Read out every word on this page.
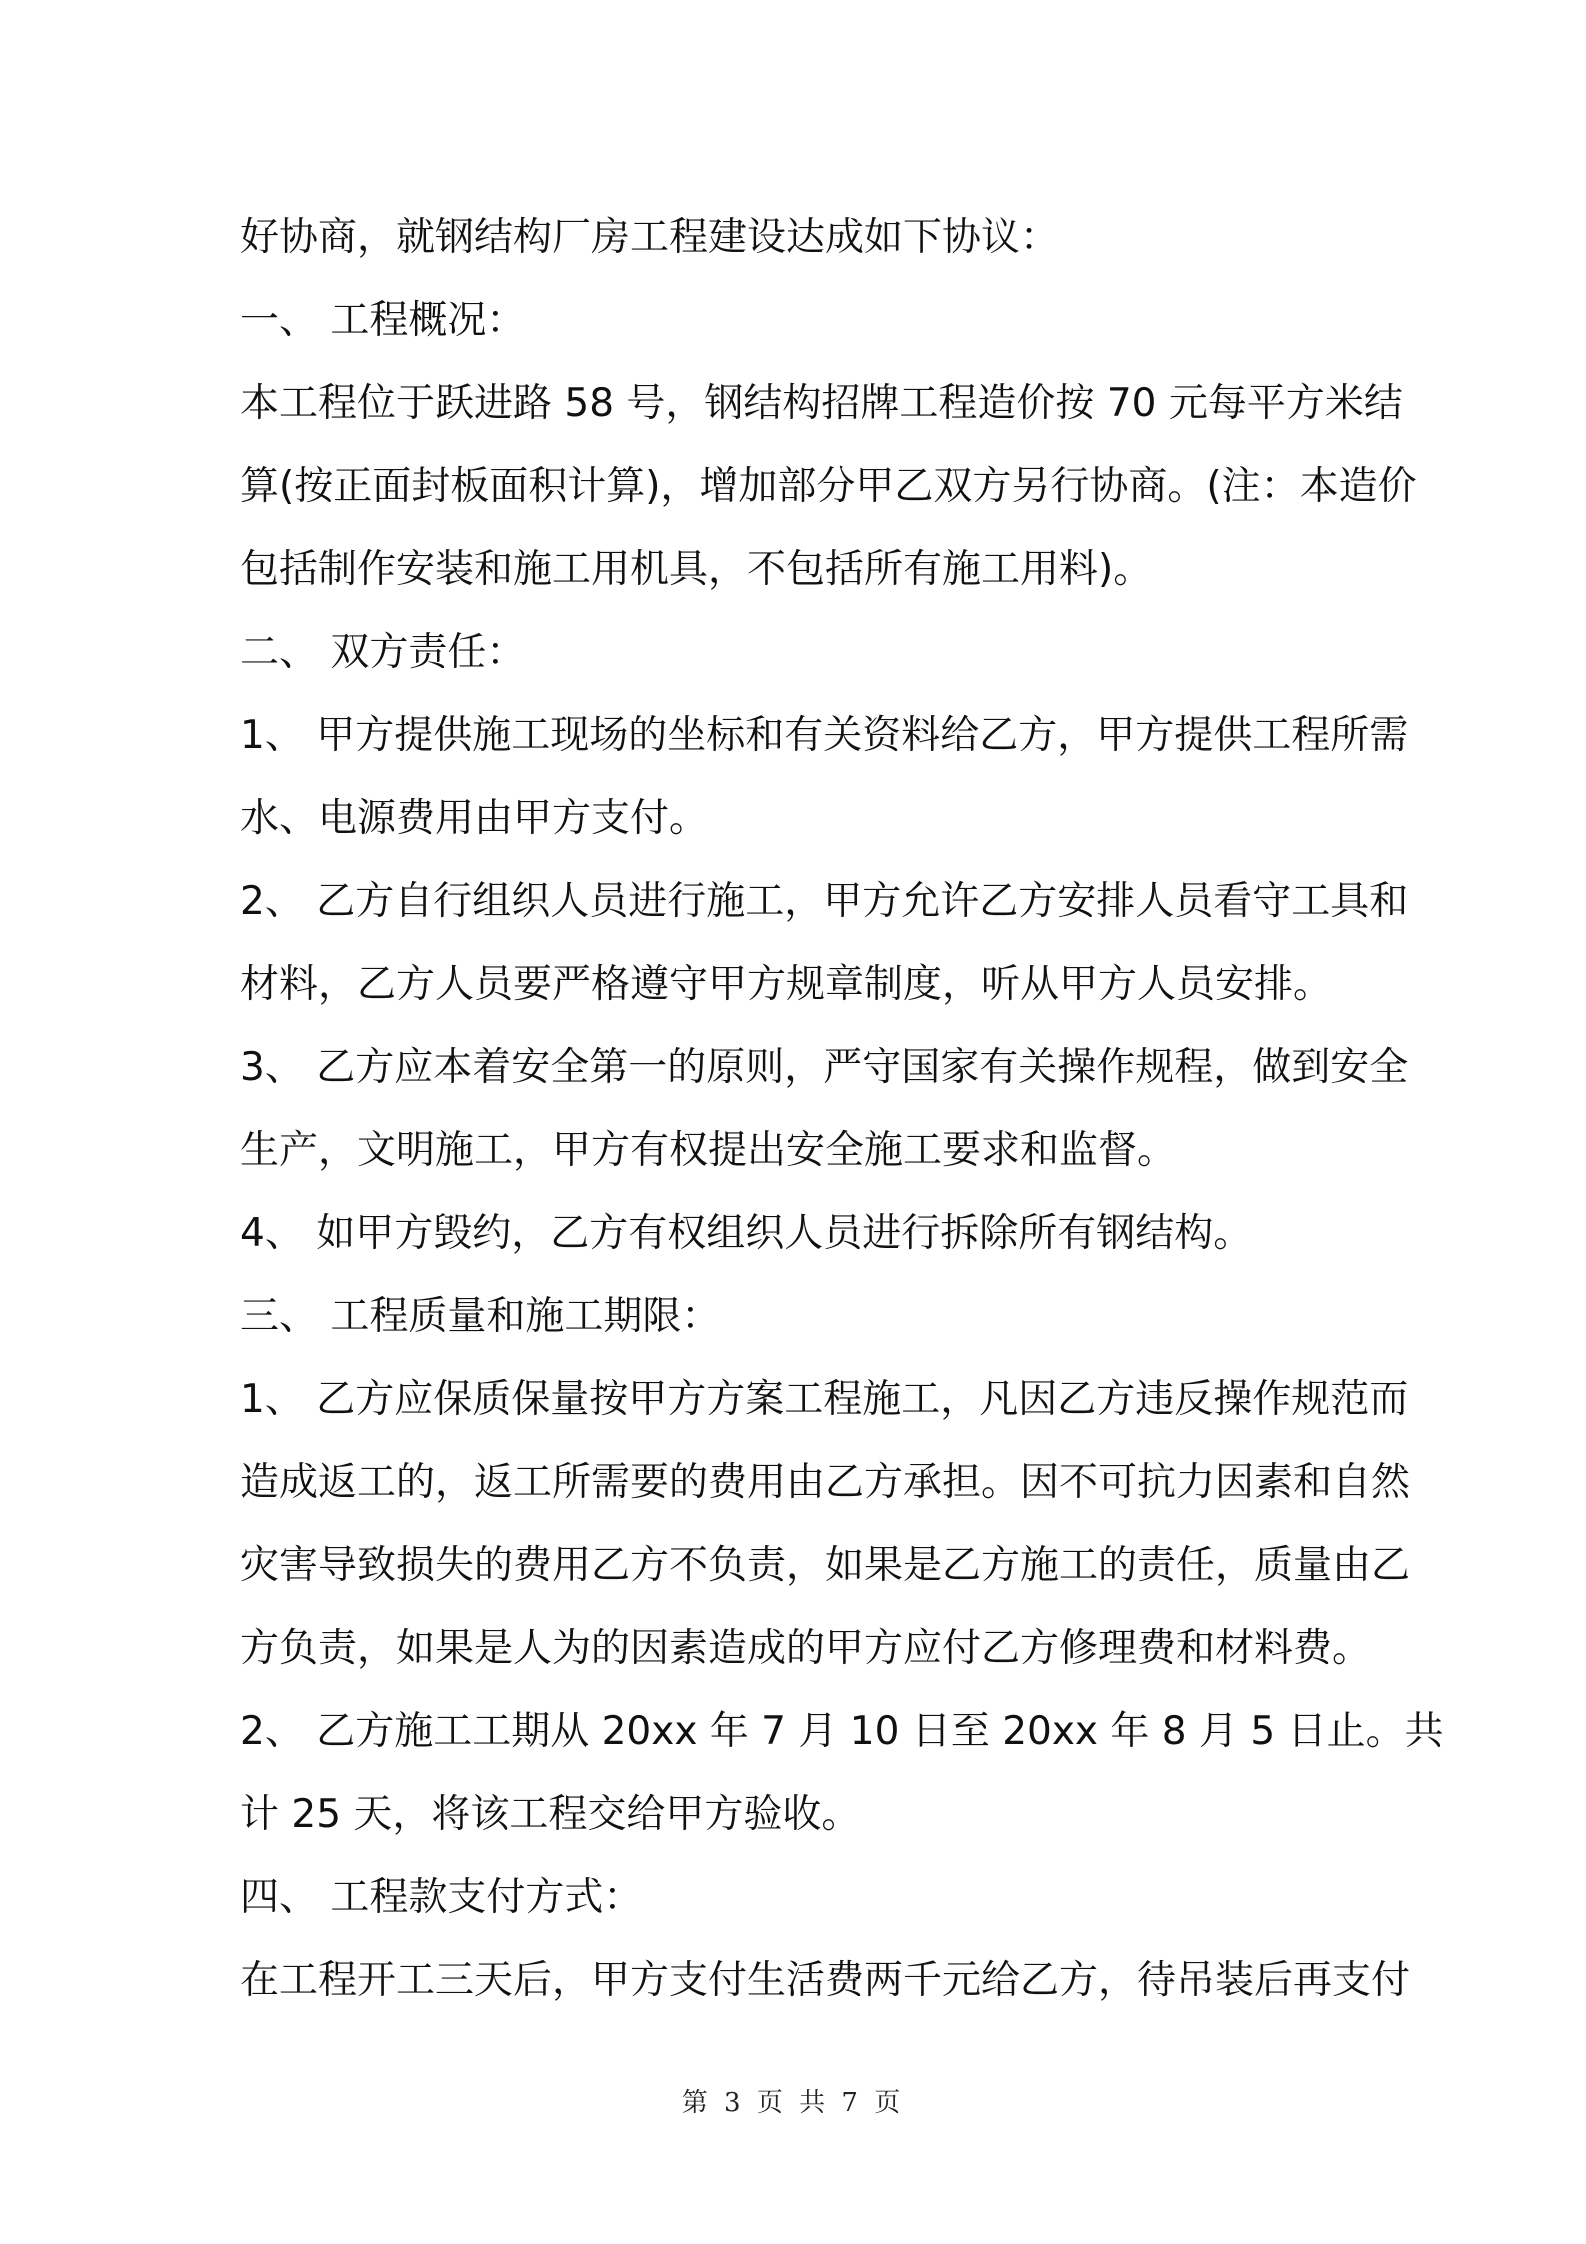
好协商，就钢结构厂房工程建设达成如下协议：
一、 工程概况：
本工程位于跃进路 58 号，钢结构招牌工程造价按 70 元每平方米结
算(按正面封板面积计算)，增加部分甲乙双方另行协商。(注：本造价
包括制作安装和施工用机具，不包括所有施工用料)。
二、 双方责任：
1、 甲方提供施工现场的坐标和有关资料给乙方，甲方提供工程所需
水、电源费用由甲方支付。
2、 乙方自行组织人员进行施工，甲方允许乙方安排人员看守工具和
材料，乙方人员要严格遵守甲方规章制度，听从甲方人员安排。
3、 乙方应本着安全第一的原则，严守国家有关操作规程，做到安全
生产，文明施工，甲方有权提出安全施工要求和监督。
4、 如甲方毁约，乙方有权组织人员进行拆除所有钢结构。
三、 工程质量和施工期限：
1、 乙方应保质保量按甲方方案工程施工，凡因乙方违反操作规范而
造成返工的，返工所需要的费用由乙方承担。因不可抗力因素和自然
灾害导致损失的费用乙方不负责，如果是乙方施工的责任，质量由乙
方负责，如果是人为的因素造成的甲方应付乙方修理费和材料费。
2、 乙方施工工期从 20xx 年 7 月 10 日至 20xx 年 8 月 5 日止。共
计 25 天，将该工程交给甲方验收。
四、 工程款支付方式：
在工程开工三天后，甲方支付生活费两千元给乙方，待吊装后再支付
第 3 页 共 7 页
